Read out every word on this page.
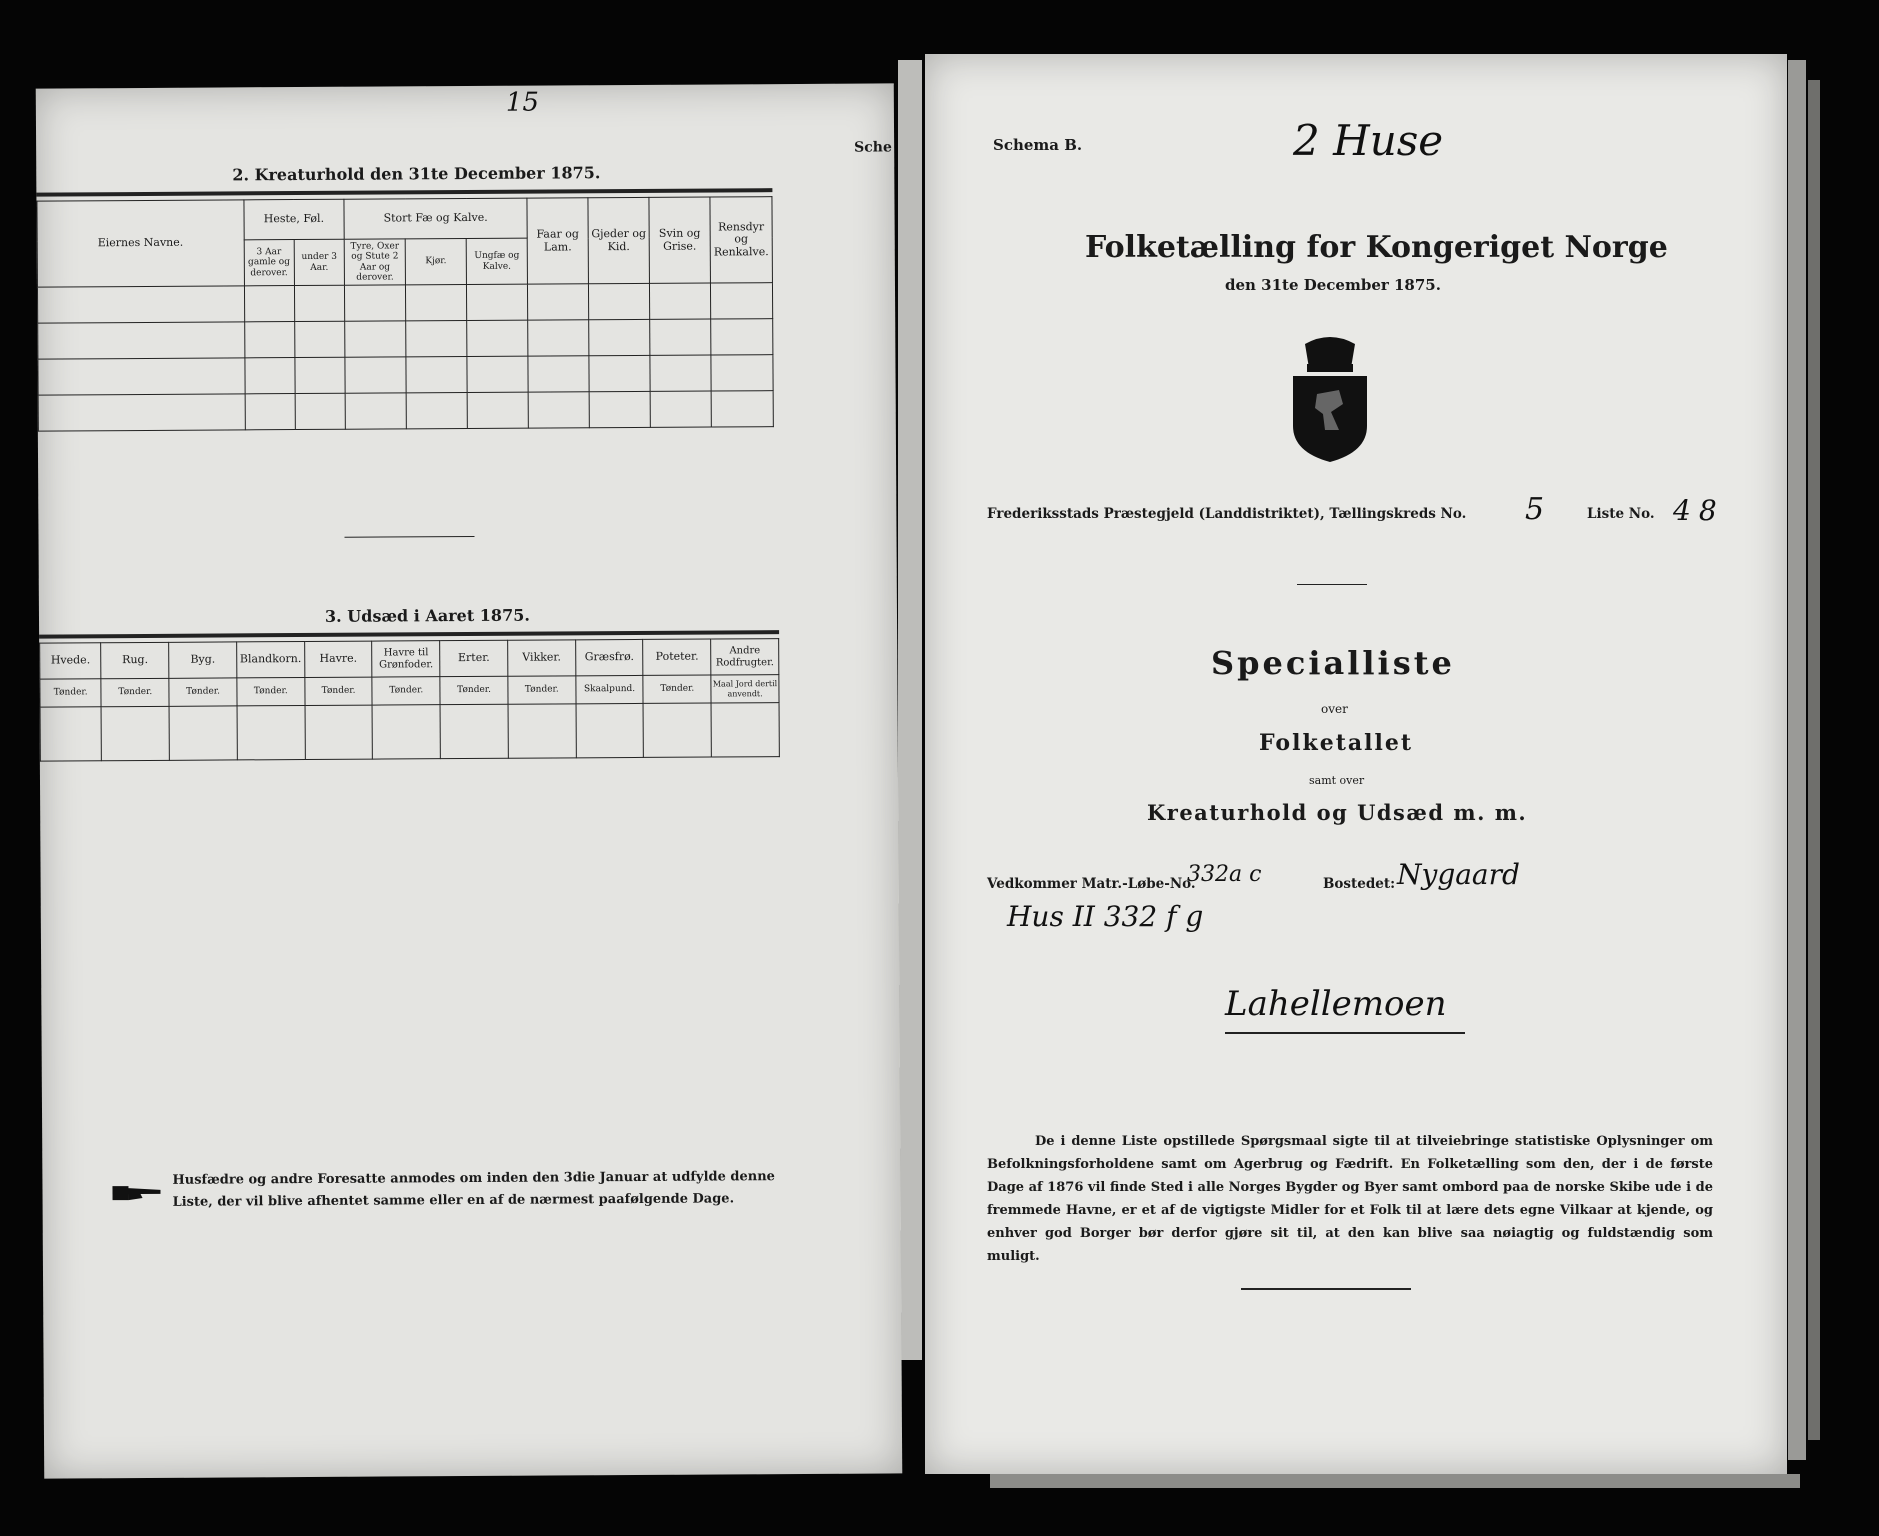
15
Sche
2. Kreaturhold den 31te December 1875.
Eiernes Navne.	Heste, Føl.		Stort Fæ og Kalve.			Faar og Lam.	Gjeder og Kid.	Svin og Grise.	Rensdyr og Renkalve.
	3 Aar gamle og derover.	under 3 Aar.	Tyre, Oxer og Stute 2 Aar og derover.	Kjør.	Ungfæ og Kalve.				

3. Udsæd i Aaret 1875.
Hvede.	Rug.	Byg.	Blandkorn.	Havre.	Havre til Grønfoder.	Erter.	Vikker.	Græsfrø.	Poteter.	Andre Rodfrugter.
Tønder.	Tønder.	Tønder.	Tønder.	Tønder.	Tønder.	Tønder.	Tønder.	Skaalpund.	Tønder.	Maal Jord dertil anvendt.

Husfædre og andre Foresatte anmodes om inden den 3die Januar at udfylde denne Liste, der vil blive afhentet samme eller en af de nærmest paafølgende Dage.
Schema B.	2 Huse
Folketælling for Kongeriget Norge
den 31te December 1875.
Frederiksstads Præstegjeld (Landdistriktet), Tællingskreds No. 5	Liste No. 48
Specialliste
over
Folketallet
samt over
Kreaturhold og Udsæd m. m.
Vedkommer Matr.-Løbe-No.
332a c	Bostedet: Nygaard
Hus II 332 f g
Lahellemoen
De i denne Liste opstillede Spørgsmaal sigte til at tilveiebringe statistiske Oplysninger om Befolkningsforholdene samt om Agerbrug og Fædrift. En Folketælling som den, der i de første Dage af 1876 vil finde Sted i alle Norges Bygder og Byer samt ombord paa de norske Skibe ude i de fremmede Havne, er et af de vigtigste Midler for et Folk til at lære dets egne Vilkaar at kjende, og enhver god Borger bør derfor gjøre sit til, at den kan blive saa nøiagtig og fuldstændig som muligt.
